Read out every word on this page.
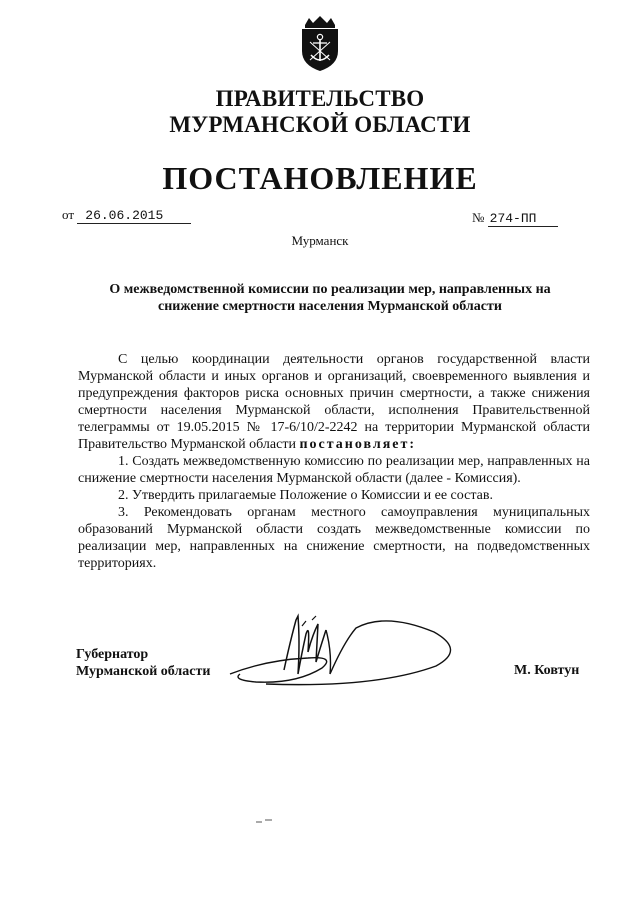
ПРАВИТЕЛЬСТВО
МУРМАНСКОЙ ОБЛАСТИ
ПОСТАНОВЛЕНИЕ
от 26.06.2015	№ 274-ПП
Мурманск
О межведомственной комиссии по реализации мер, направленных на снижение смертности населения Мурманской области

С целью координации деятельности органов государственной власти Мурманской области и иных органов и организаций, своевременного выявления и предупреждения факторов риска основных причин смертности, а также снижения смертности населения Мурманской области, исполнения Правительственной телеграммы от 19.05.2015 № 17-6/10/2-2242 на территории Мурманской области Правительство Мурманской области постановляет:

1. Создать межведомственную комиссию по реализации мер, направленных на снижение смертности населения Мурманской области (далее - Комиссия).

2. Утвердить прилагаемые Положение о Комиссии и ее состав.

3. Рекомендовать органам местного самоуправления муниципальных образований Мурманской области создать межведомственные комиссии по реализации мер, направленных на снижение смертности, на подведомственных территориях.

Губернатор
Мурманской области	М. Ковтун
